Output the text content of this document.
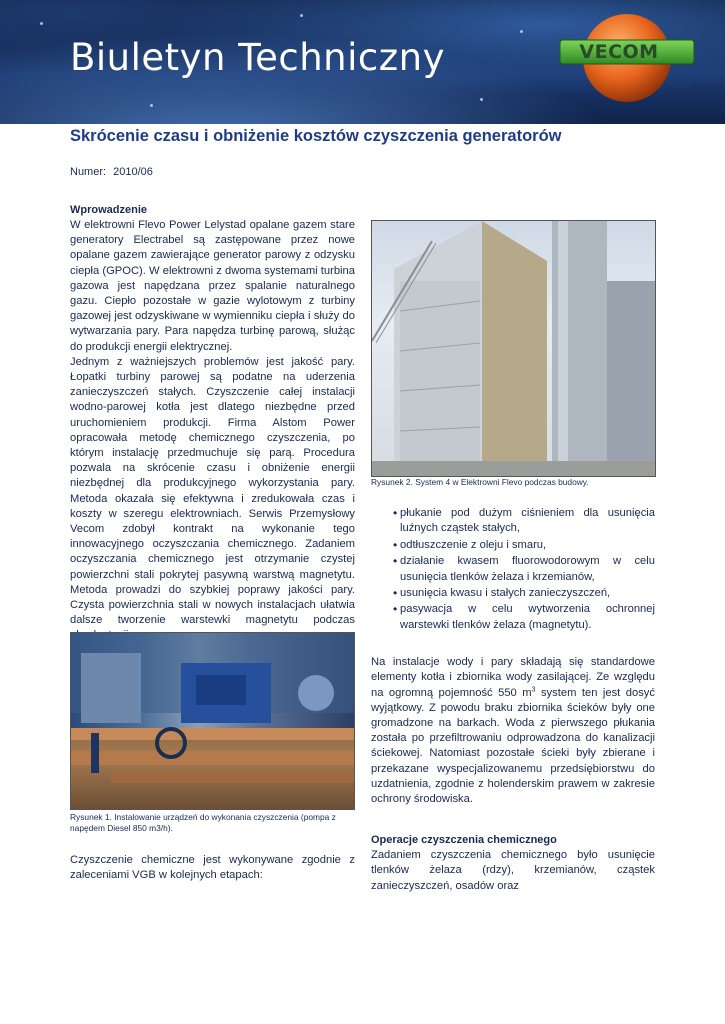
Biuletyn Techniczny	VECOM
Skrócenie czasu i obniżenie kosztów czyszczenia generatorów
Numer: 2010/06
Wprowadzenie

W elektrowni Flevo Power Lelystad opalane gazem stare generatory Electrabel są zastępowane przez nowe opalane gazem zawierające generator parowy z odzysku ciepła (GPOC). W elektrowni z dwoma systemami turbina gazowa jest napędzana przez spalanie naturalnego gazu. Ciepło pozostałe w gazie wylotowym z turbiny gazowej jest odzyskiwane w wymienniku ciepła i służy do wytwarzania pary. Para napędza turbinę parową, służąc do produkcji energii elektrycznej.

Jednym z ważniejszych problemów jest jakość pary. Łopatki turbiny parowej są podatne na uderzenia zanieczyszczeń stałych. Czyszczenie całej instalacji wodno-parowej kotła jest dlatego niezbędne przed uruchomieniem produkcji. Firma Alstom Power opracowała metodę chemicznego czyszczenia, po którym instalację przedmuchuje się parą. Procedura pozwala na skrócenie czasu i obniżenie energii niezbędnej dla produkcyjnego wykorzystania pary. Metoda okazała się efektywna i zredukowała czas i koszty w szeregu elektrowniach. Serwis Przemysłowy Vecom zdobył kontrakt na wykonanie tego innowacyjnego oczyszczania chemicznego. Zadaniem oczyszczania chemicznego jest otrzymanie czystej powierzchni stali pokrytej pasywną warstwą magnetytu. Metoda prowadzi do szybkiej poprawy jakości pary. Czysta powierzchnia stali w nowych instalacjach ułatwia dalsze tworzenie warstewki magnetytu podczas

Rysunek 1. Instalowanie urządzeń do wykonania czyszczenia (pompa z napędem Diesel 850 m3/h).

Czyszczenie chemiczne jest wykonywane zgodnie z zaleceniami VGB w kolejnych etapach:

Rysunek 2. System 4 w Elektrowni Flevo podczas budowy.
• płukanie pod dużym ciśnieniem dla usunięcia luźnych cząstek stałych,
• odtłuszczenie z oleju i smaru,
• działanie kwasem fluorowodorowym w celu usunięcia tlenków żelaza i krzemianów,
• usunięcia kwasu i stałych zanieczyszczeń,
• pasywacja w celu wytworzenia ochronnej warstewki tlenków żelaza (magnetytu).

Na instalacje wody i pary składają się standardowe elementy kotła i zbiornika wody zasilającej. Ze względu na ogromną pojemność 550 $m^3$ system ten jest dosyć wyjątkowy. Z powodu braku zbiornika ścieków były one gromadzone na barkach. Woda z pierwszego płukania została po przefiltrowaniu odprowadzona do kanalizacji ściekowej. Natomiast pozostałe ścieki były zbierane i przekazane wyspecjalizowanemu przedsiębiorstwu do uzdatnienia, zgodnie z holenderskim prawem w zakresie ochrony środowiska.

Operacje czyszczenia chemicznego

Zadaniem czyszczenia chemicznego było usunięcie tlenków żelaza (rdzy), krzemianów, cząstek zanieczyszczeń, osadów oraz
